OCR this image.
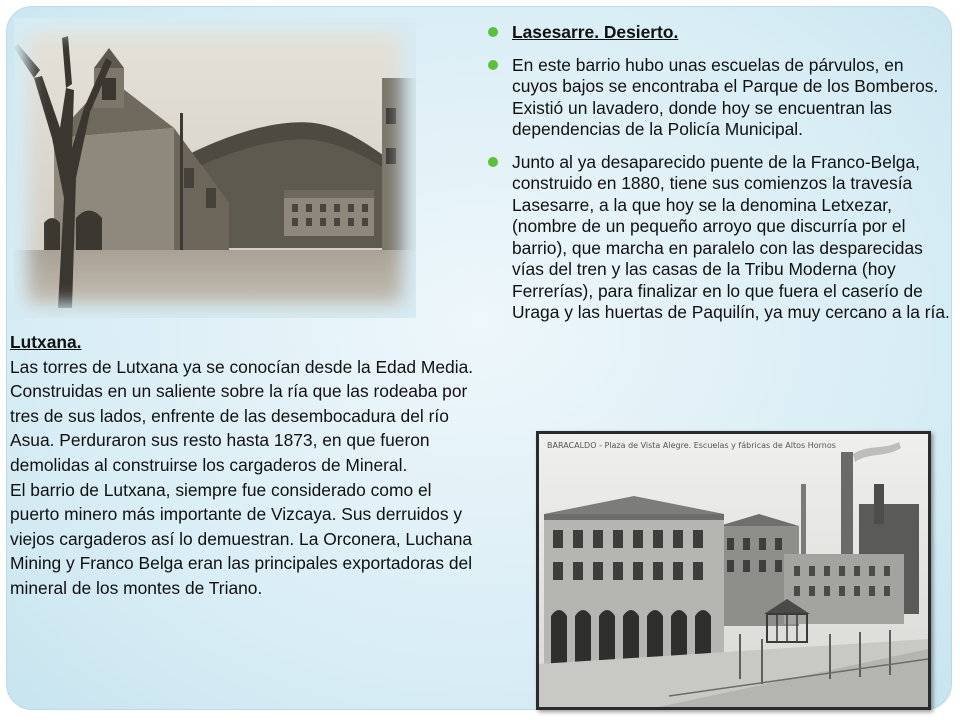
BARACALDO - Plaza de Vista Alegre. Escuelas y fábricas de Altos Hornos

Lutxana.

Las torres de Lutxana ya se conocían desde la Edad Media. Construidas en un saliente sobre la ría que las rodeaba por tres de sus lados, enfrente de las desembocadura del río Asua. Perduraron sus resto hasta 1873, en que fueron demolidas al construirse los cargaderos de Mineral.

El barrio de Lutxana, siempre fue considerado como el puerto minero más importante de Vizcaya. Sus derruidos y viejos cargaderos así lo demuestran. La Orconera, Luchana Mining y Franco Belga eran las principales exportadoras del mineral de los montes de Triano.

Lasesarre. Desierto.
En este barrio hubo unas escuelas de párvulos, en cuyos bajos se encontraba el Parque de los Bomberos. Existió un lavadero, donde hoy se encuentran las dependencias de la Policía Municipal.
Junto al ya desaparecido puente de la Franco-Belga, construido en 1880, tiene sus comienzos la travesía Lasesarre, a la que hoy se la denomina Letxezar, (nombre de un pequeño arroyo que discurría por el barrio), que marcha en paralelo con las desparecidas vías del tren y las casas de la Tribu Moderna (hoy Ferrerías), para finalizar en lo que fuera el caserío de Uraga y las huertas de Paquilín, ya muy cercano a la ría.
